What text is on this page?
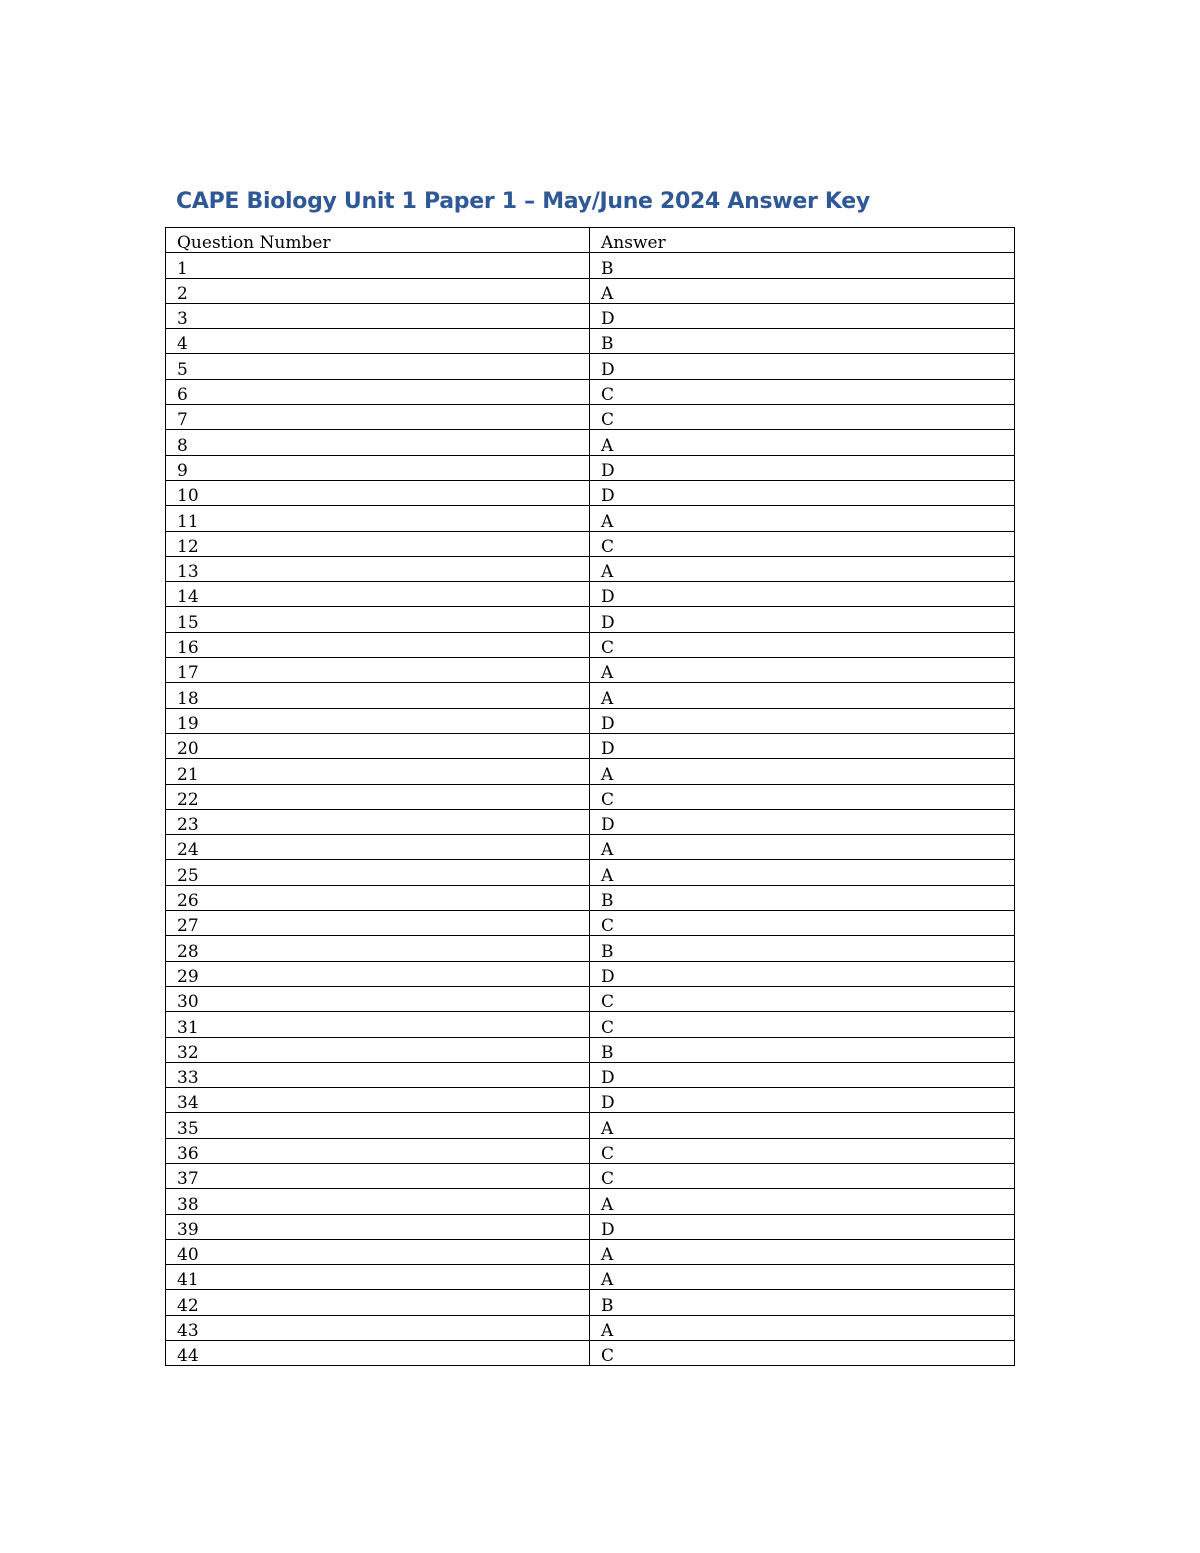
CAPE Biology Unit 1 Paper 1 – May/June 2024 Answer Key
Question Number	Answer
1	B
2	A
3	D
4	B
5	D
6	C
7	C
8	A
9	D
10	D
11	A
12	C
13	A
14	D
15	D
16	C
17	A
18	A
19	D
20	D
21	A
22	C
23	D
24	A
25	A
26	B
27	C
28	B
29	D
30	C
31	C
32	B
33	D
34	D
35	A
36	C
37	C
38	A
39	D
40	A
41	A
42	B
43	A
44	C
